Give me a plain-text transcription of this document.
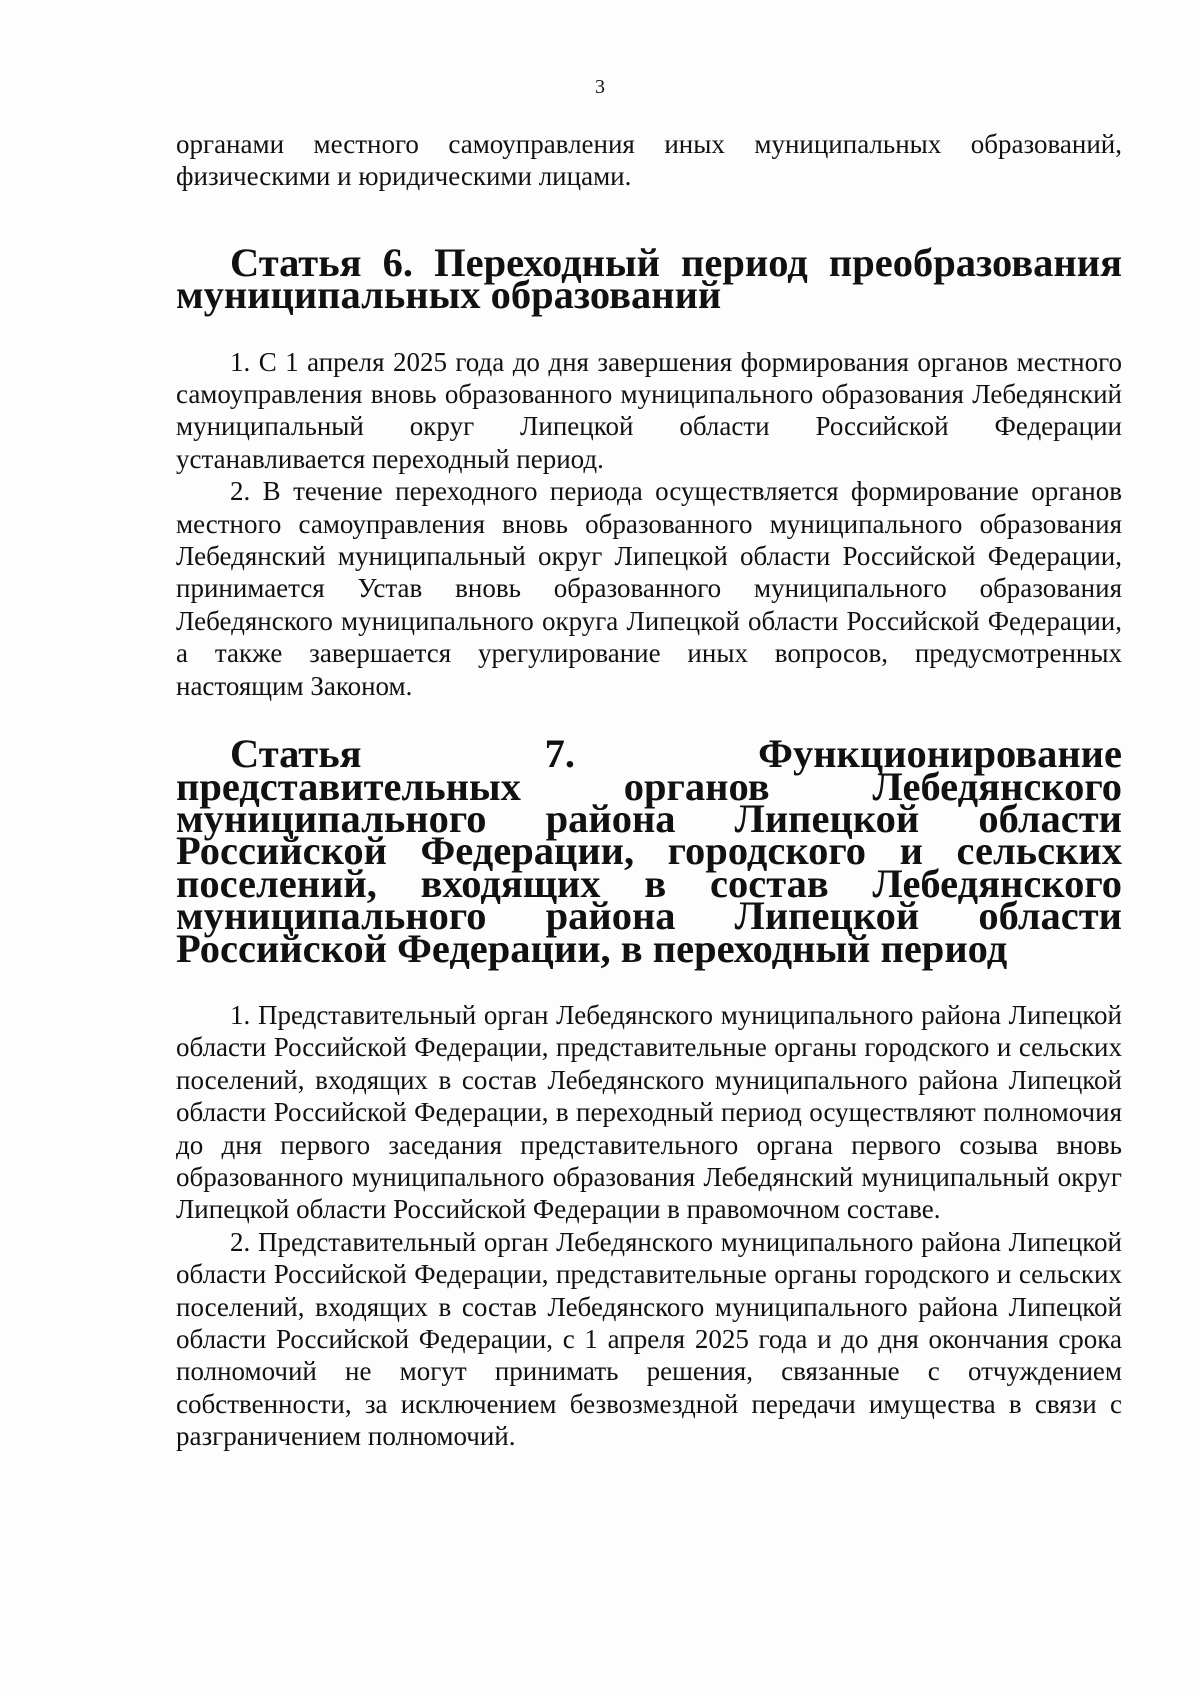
3

органами местного самоуправления иных муниципальных образований, физическими и юридическими лицами.

Статья 6. Переходный период преобразования муниципальных образований

1. С 1 апреля 2025 года до дня завершения формирования органов местного самоуправления вновь образованного муниципального образования Лебедянский муниципальный округ Липецкой области Российской Федерации устанавливается переходный период.

2. В течение переходного периода осуществляется формирование органов местного самоуправления вновь образованного муниципального образования Лебедянский муниципальный округ Липецкой области Российской Федерации, принимается Устав вновь образованного муниципального образования Лебедянского муниципального округа Липецкой области Российской Федерации, а также завершается урегулирование иных вопросов, предусмотренных настоящим Законом.

Статья 7. Функционирование представительных органов Лебедянского муниципального района Липецкой области Российской Федерации, городского и сельских поселений, входящих в состав Лебедянского муниципального района Липецкой области Российской Федерации, в переходный период

1. Представительный орган Лебедянского муниципального района Липецкой области Российской Федерации, представительные органы городского и сельских поселений, входящих в состав Лебедянского муниципального района Липецкой области Российской Федерации, в переходный период осуществляют полномочия до дня первого заседания представительного органа первого созыва вновь образованного муниципального образования Лебедянский муниципальный округ Липецкой области Российской Федерации в правомочном составе.

2. Представительный орган Лебедянского муниципального района Липецкой области Российской Федерации, представительные органы городского и сельских поселений, входящих в состав Лебедянского муниципального района Липецкой области Российской Федерации, с 1 апреля 2025 года и до дня окончания срока полномочий не могут принимать решения, связанные с отчуждением собственности, за исключением безвозмездной передачи имущества в связи с разграничением полномочий.
